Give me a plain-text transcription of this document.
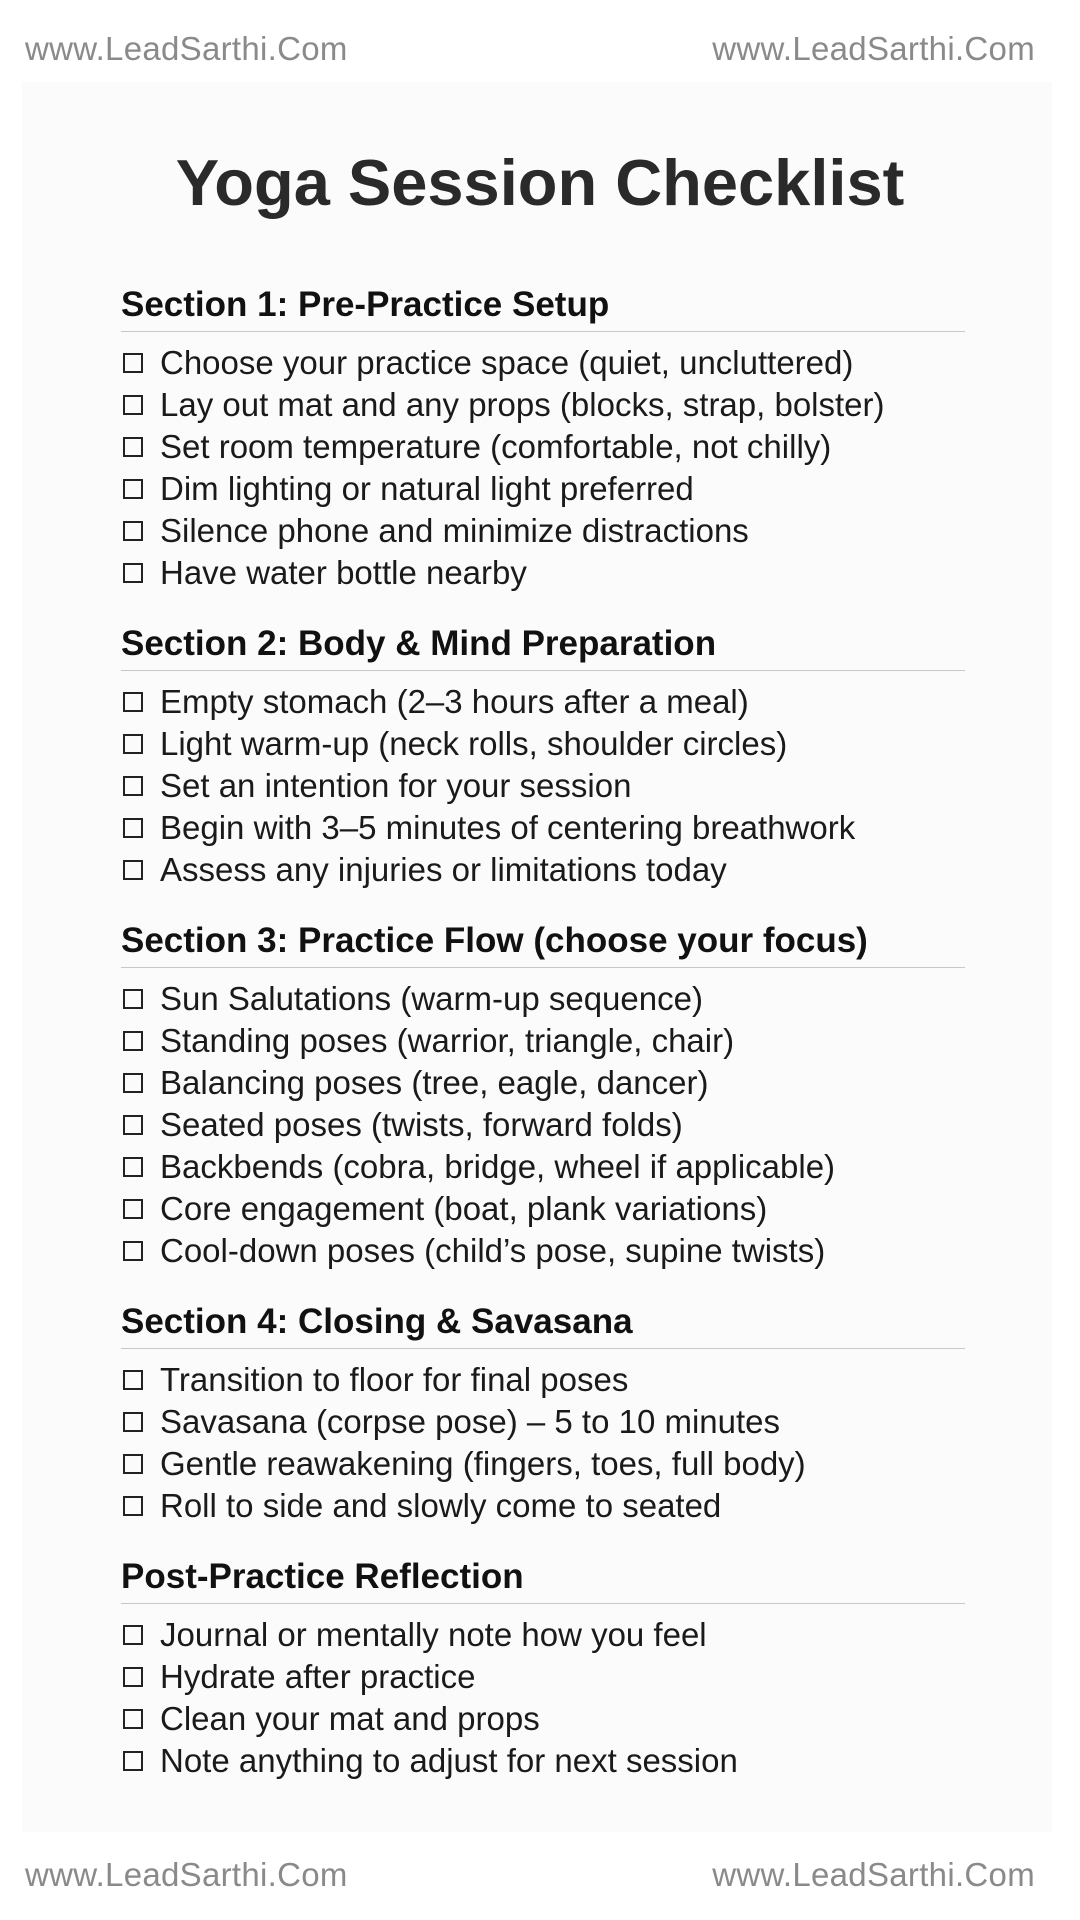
www.LeadSarthi.Com	www.LeadSarthi.Com
Yoga Session Checklist
Section 1: Pre-Practice Setup
Choose your practice space (quiet, uncluttered)
Lay out mat and any props (blocks, strap, bolster)
Set room temperature (comfortable, not chilly)
Dim lighting or natural light preferred
Silence phone and minimize distractions
Have water bottle nearby
Section 2: Body & Mind Preparation
Empty stomach (2–3 hours after a meal)
Light warm-up (neck rolls, shoulder circles)
Set an intention for your session
Begin with 3–5 minutes of centering breathwork
Assess any injuries or limitations today
Section 3: Practice Flow (choose your focus)
Sun Salutations (warm-up sequence)
Standing poses (warrior, triangle, chair)
Balancing poses (tree, eagle, dancer)
Seated poses (twists, forward folds)
Backbends (cobra, bridge, wheel if applicable)
Core engagement (boat, plank variations)
Cool-down poses (child’s pose, supine twists)
Section 4: Closing & Savasana
Transition to floor for final poses
Savasana (corpse pose) – 5 to 10 minutes
Gentle reawakening (fingers, toes, full body)
Roll to side and slowly come to seated
Post-Practice Reflection
Journal or mentally note how you feel
Hydrate after practice
Clean your mat and props
Note anything to adjust for next session
www.LeadSarthi.Com	www.LeadSarthi.Com
